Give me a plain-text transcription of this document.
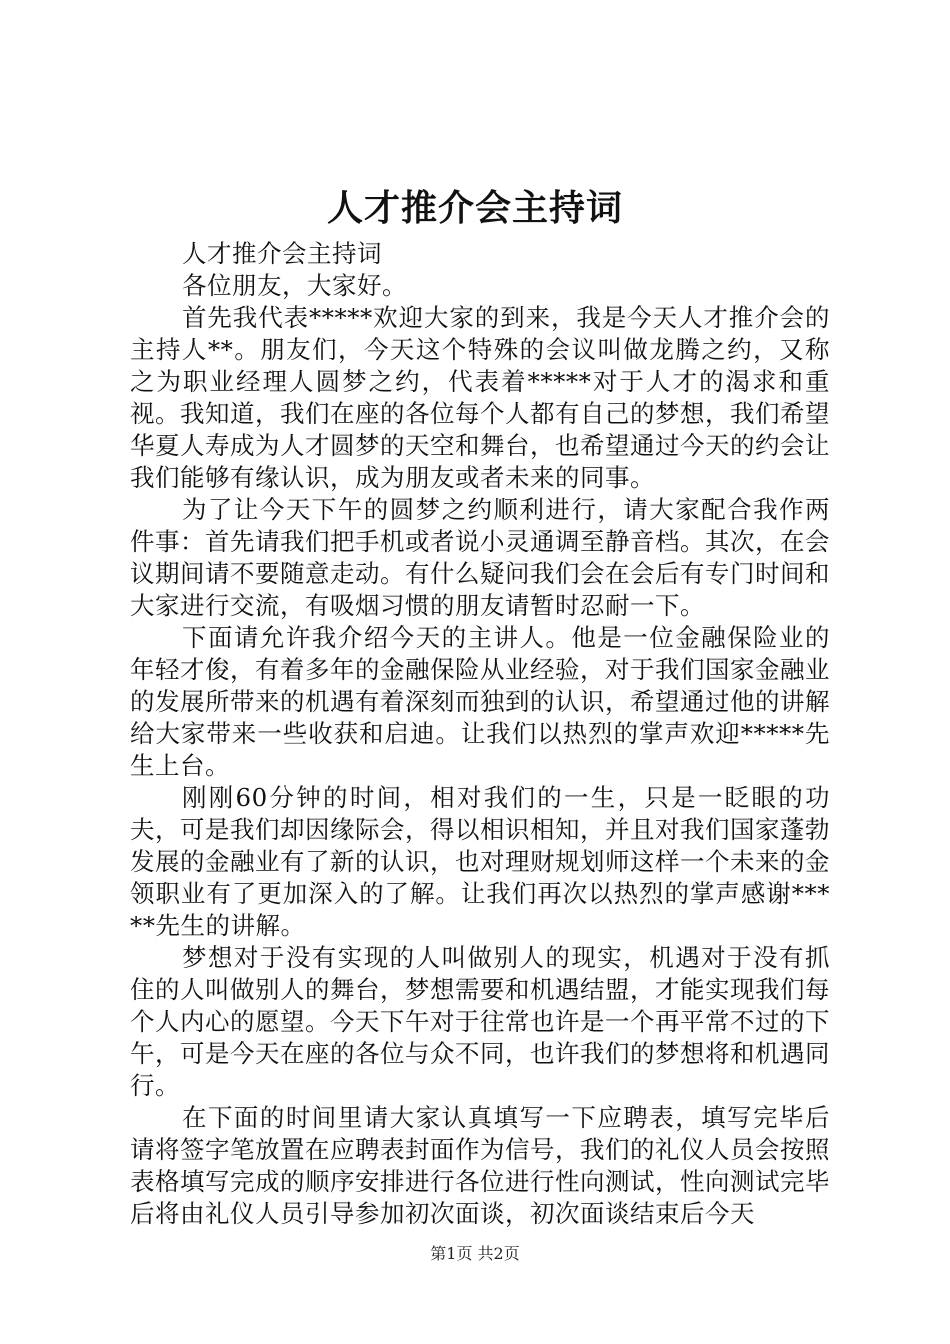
人才推介会主持词

人才推介会主持词

各位朋友，大家好。

首先我代表*****欢迎大家的到来，我是今天人才推介会的主持人**。朋友们，今天这个特殊的会议叫做龙腾之约，又称之为职业经理人圆梦之约，代表着*****对于人才的渴求和重视。我知道，我们在座的各位每个人都有自己的梦想，我们希望华夏人寿成为人才圆梦的天空和舞台，也希望通过今天的约会让我们能够有缘认识，成为朋友或者未来的同事。

为了让今天下午的圆梦之约顺利进行，请大家配合我作两件事：首先请我们把手机或者说小灵通调至静音档。其次，在会议期间请不要随意走动。有什么疑问我们会在会后有专门时间和大家进行交流，有吸烟习惯的朋友请暂时忍耐一下。

下面请允许我介绍今天的主讲人。他是一位金融保险业的年轻才俊，有着多年的金融保险从业经验，对于我们国家金融业的发展所带来的机遇有着深刻而独到的认识，希望通过他的讲解给大家带来一些收获和启迪。让我们以热烈的掌声欢迎*****先生上台。

刚刚60分钟的时间，相对我们的一生，只是一眨眼的功夫，可是我们却因缘际会，得以相识相知，并且对我们国家蓬勃发展的金融业有了新的认识，也对理财规划师这样一个未来的金领职业有了更加深入的了解。让我们再次以热烈的掌声感谢*****先生的讲解。

梦想对于没有实现的人叫做别人的现实，机遇对于没有抓住的人叫做别人的舞台，梦想需要和机遇结盟，才能实现我们每个人内心的愿望。今天下午对于往常也许是一个再平常不过的下午，可是今天在座的各位与众不同，也许我们的梦想将和机遇同行。

在下面的时间里请大家认真填写一下应聘表，填写完毕后请将签字笔放置在应聘表封面作为信号，我们的礼仪人员会按照表格填写完成的顺序安排进行各位进行性向测试，性向测试完毕后将由礼仪人员引导参加初次面谈，初次面谈结束后今天

第1页 共2页
